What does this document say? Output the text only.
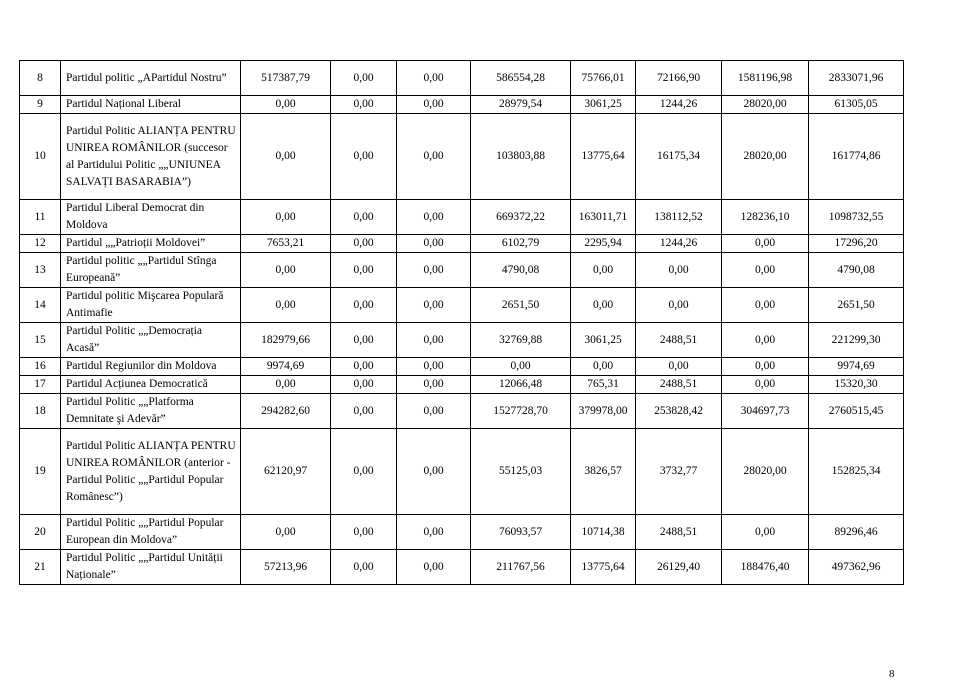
8	Partidul politic „APartidul Nostru”	517387,79	0,00	0,00	586554,28	75766,01	72166,90	1581196,98	2833071,96
9	Partidul Național Liberal	0,00	0,00	0,00	28979,54	3061,25	1244,26	28020,00	61305,05
10	Partidul Politic ALIANȚA PENTRU UNIREA ROMÂNILOR (succesor al Partidului Politic „„UNIUNEA SALVAȚI BASARABIA”)	0,00	0,00	0,00	103803,88	13775,64	16175,34	28020,00	161774,86
11	Partidul Liberal Democrat din Moldova	0,00	0,00	0,00	669372,22	163011,71	138112,52	128236,10	1098732,55
12	Partidul „„Patrioții Moldovei”	7653,21	0,00	0,00	6102,79	2295,94	1244,26	0,00	17296,20
13	Partidul politic „„Partidul Stînga Europeană”	0,00	0,00	0,00	4790,08	0,00	0,00	0,00	4790,08
14	Partidul politic Mişcarea Populară Antimafie	0,00	0,00	0,00	2651,50	0,00	0,00	0,00	2651,50
15	Partidul Politic „„Democrația Acasă”	182979,66	0,00	0,00	32769,88	3061,25	2488,51	0,00	221299,30
16	Partidul Regiunilor din Moldova	9974,69	0,00	0,00	0,00	0,00	0,00	0,00	9974,69
17	Partidul Acțiunea Democratică	0,00	0,00	0,00	12066,48	765,31	2488,51	0,00	15320,30
18	Partidul Politic „„Platforma Demnitate şi Adevăr”	294282,60	0,00	0,00	1527728,70	379978,00	253828,42	304697,73	2760515,45
19	Partidul Politic ALIANȚA PENTRU UNIREA ROMÂNILOR (anterior - Partidul Politic „„Partidul Popular Românesc”)	62120,97	0,00	0,00	55125,03	3826,57	3732,77	28020,00	152825,34
20	Partidul Politic „„Partidul Popular European din Moldova”	0,00	0,00	0,00	76093,57	10714,38	2488,51	0,00	89296,46
21	Partidul Politic „„Partidul Unității Naționale”	57213,96	0,00	0,00	211767,56	13775,64	26129,40	188476,40	497362,96
8
